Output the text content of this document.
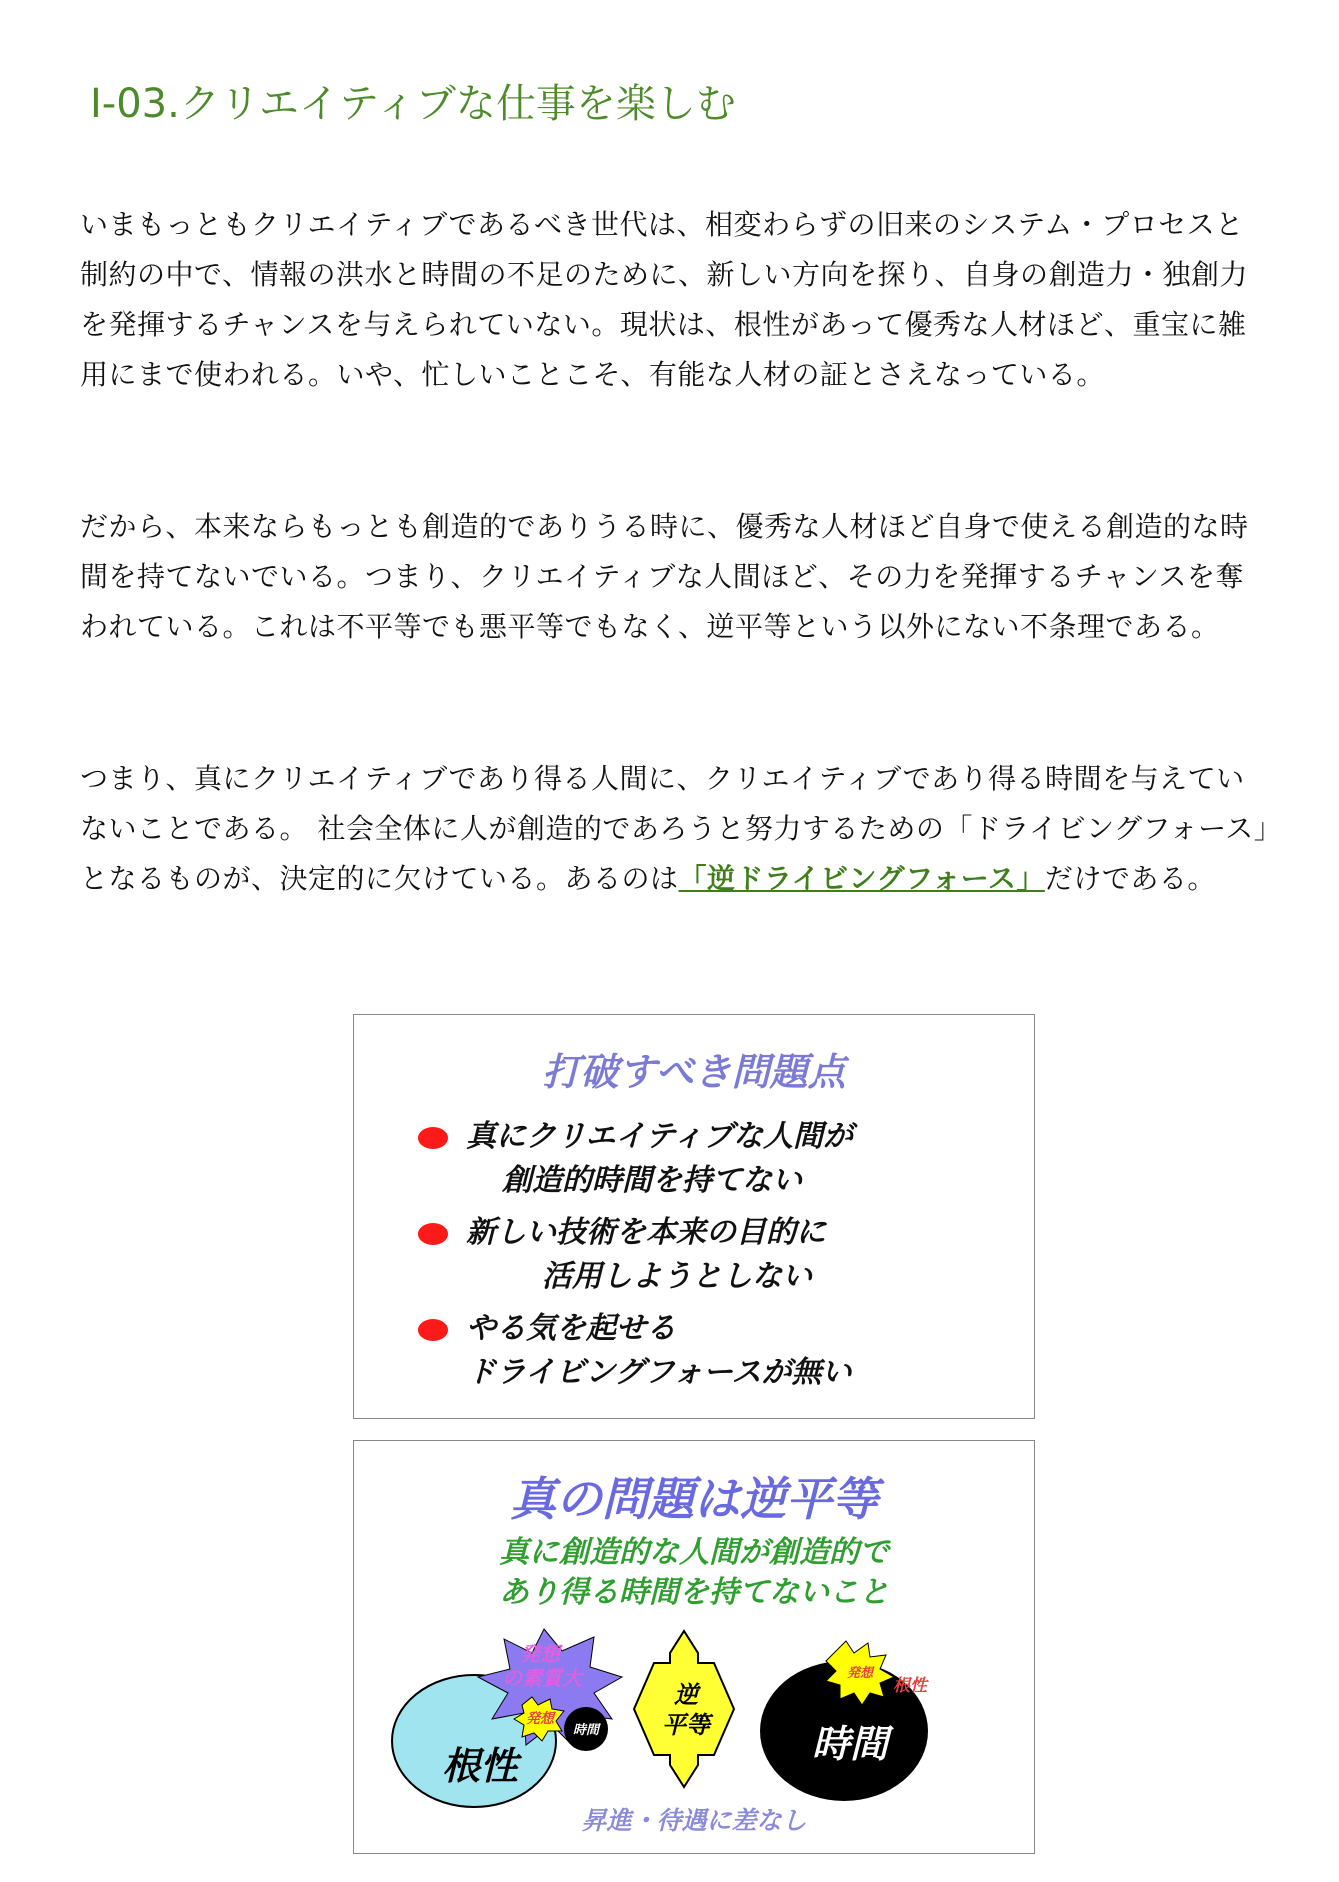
Ⅰ-03.クリエイティブな仕事を楽しむ

いまもっともクリエイティブであるべき世代は、相変わらずの旧来のシステム・プロセスと制約の中で、情報の洪水と時間の不足のために、新しい方向を探り、自身の創造力・独創力を発揮するチャンスを与えられていない。現状は、根性があって優秀な人材ほど、重宝に雑用にまで使われる。いや、忙しいことこそ、有能な人材の証とさえなっている。

だから、本来ならもっとも創造的でありうる時に、優秀な人材ほど自身で使える創造的な時間を持てないでいる。つまり、クリエイティブな人間ほど、その力を発揮するチャンスを奪われている。これは不平等でも悪平等でもなく、逆平等という以外にない不条理である。

つまり、真にクリエイティブであり得る人間に、クリエイティブであり得る時間を与えていないことである。 社会全体に人が創造的であろうと努力するための「ドライビングフォース」となるものが、決定的に欠けている。あるのは「逆ドライビングフォース」だけである。

打破すべき問題点
真にクリエイティブな人間が
創造的時間を持てない
新しい技術を本来の目的に
活用しようとしない
やる気を起せる
ドライビングフォースが無い
発想
の素質大
発想
時間
根性
逆
平等	時間
発想
根性
真の問題は逆平等
真に創造的な人間が創造的で
あり得る時間を持てないこと
昇進・待遇に差なし
